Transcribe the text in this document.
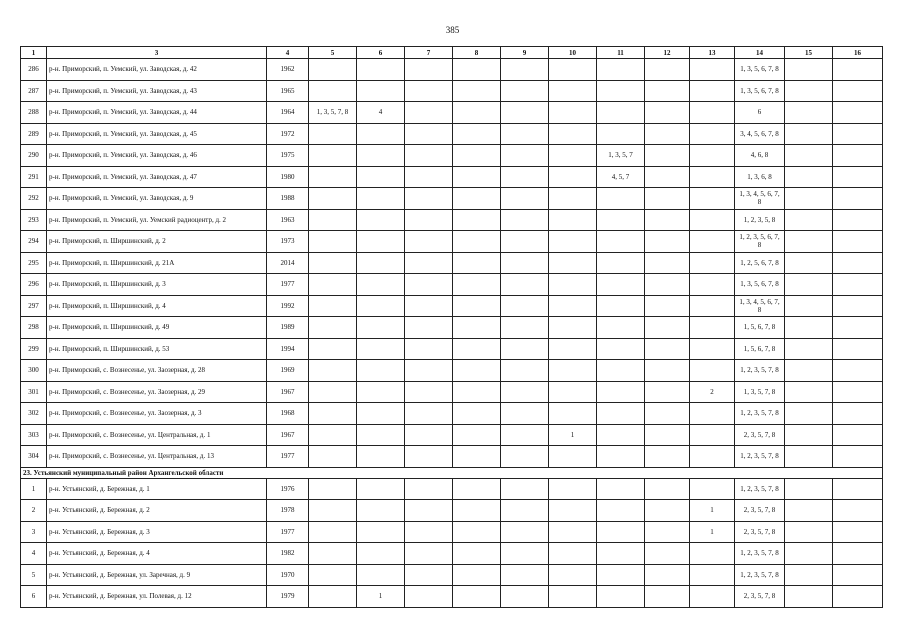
385
1	3	4	5	6	7	8	9	10	11	12	13	14	15	16
286	р-н. Приморский, п. Уемский, ул. Заводская, д. 42	1962										1, 3, 5, 6, 7, 8		
287	р-н. Приморский, п. Уемский, ул. Заводская, д. 43	1965										1, 3, 5, 6, 7, 8		
288	р-н. Приморский, п. Уемский, ул. Заводская, д. 44	1964	1, 3, 5, 7, 8	4								6		
289	р-н. Приморский, п. Уемский, ул. Заводская, д. 45	1972										3, 4, 5, 6, 7, 8		
290	р-н. Приморский, п. Уемский, ул. Заводская, д. 46	1975							1, 3, 5, 7			4, 6, 8		
291	р-н. Приморский, п. Уемский, ул. Заводская, д. 47	1980							4, 5, 7			1, 3, 6, 8		
292	р-н. Приморский, п. Уемский, ул. Заводская, д. 9	1988										1, 3, 4, 5, 6, 7, 8		
293	р-н. Приморский, п. Уемский, ул. Уемский радиоцентр, д. 2	1963										1, 2, 3, 5, 8		
294	р-н. Приморский, п. Ширшинский, д. 2	1973										1, 2, 3, 5, 6, 7, 8		
295	р-н. Приморский, п. Ширшинский, д. 21А	2014										1, 2, 5, 6, 7, 8		
296	р-н. Приморский, п. Ширшинский, д. 3	1977										1, 3, 5, 6, 7, 8		
297	р-н. Приморский, п. Ширшинский, д. 4	1992										1, 3, 4, 5, 6, 7, 8		
298	р-н. Приморский, п. Ширшинский, д. 49	1989										1, 5, 6, 7, 8		
299	р-н. Приморский, п. Ширшинский, д. 53	1994										1, 5, 6, 7, 8		
300	р-н. Приморский, с. Вознесенье, ул. Заозерная, д. 28	1969										1, 2, 3, 5, 7, 8		
301	р-н. Приморский, с. Вознесенье, ул. Заозерная, д. 29	1967									2	1, 3, 5, 7, 8		
302	р-н. Приморский, с. Вознесенье, ул. Заозерная, д. 3	1968										1, 2, 3, 5, 7, 8		
303	р-н. Приморский, с. Вознесенье, ул. Центральная, д. 1	1967						1				2, 3, 5, 7, 8		
304	р-н. Приморский, с. Вознесенье, ул. Центральная, д. 13	1977										1, 2, 3, 5, 7, 8		
23. Устьянский муниципальный район Архангельской области														
1	р-н. Устьянский, д. Бережная, д. 1	1976										1, 2, 3, 5, 7, 8		
2	р-н. Устьянский, д. Бережная, д. 2	1978									1	2, 3, 5, 7, 8		
3	р-н. Устьянский, д. Бережная, д. 3	1977									1	2, 3, 5, 7, 8		
4	р-н. Устьянский, д. Бережная, д. 4	1982										1, 2, 3, 5, 7, 8		
5	р-н. Устьянский, д. Бережная, ул. Заречная, д. 9	1970										1, 2, 3, 5, 7, 8		
6	р-н. Устьянский, д. Бережная, ул. Полевая, д. 12	1979		1								2, 3, 5, 7, 8		
